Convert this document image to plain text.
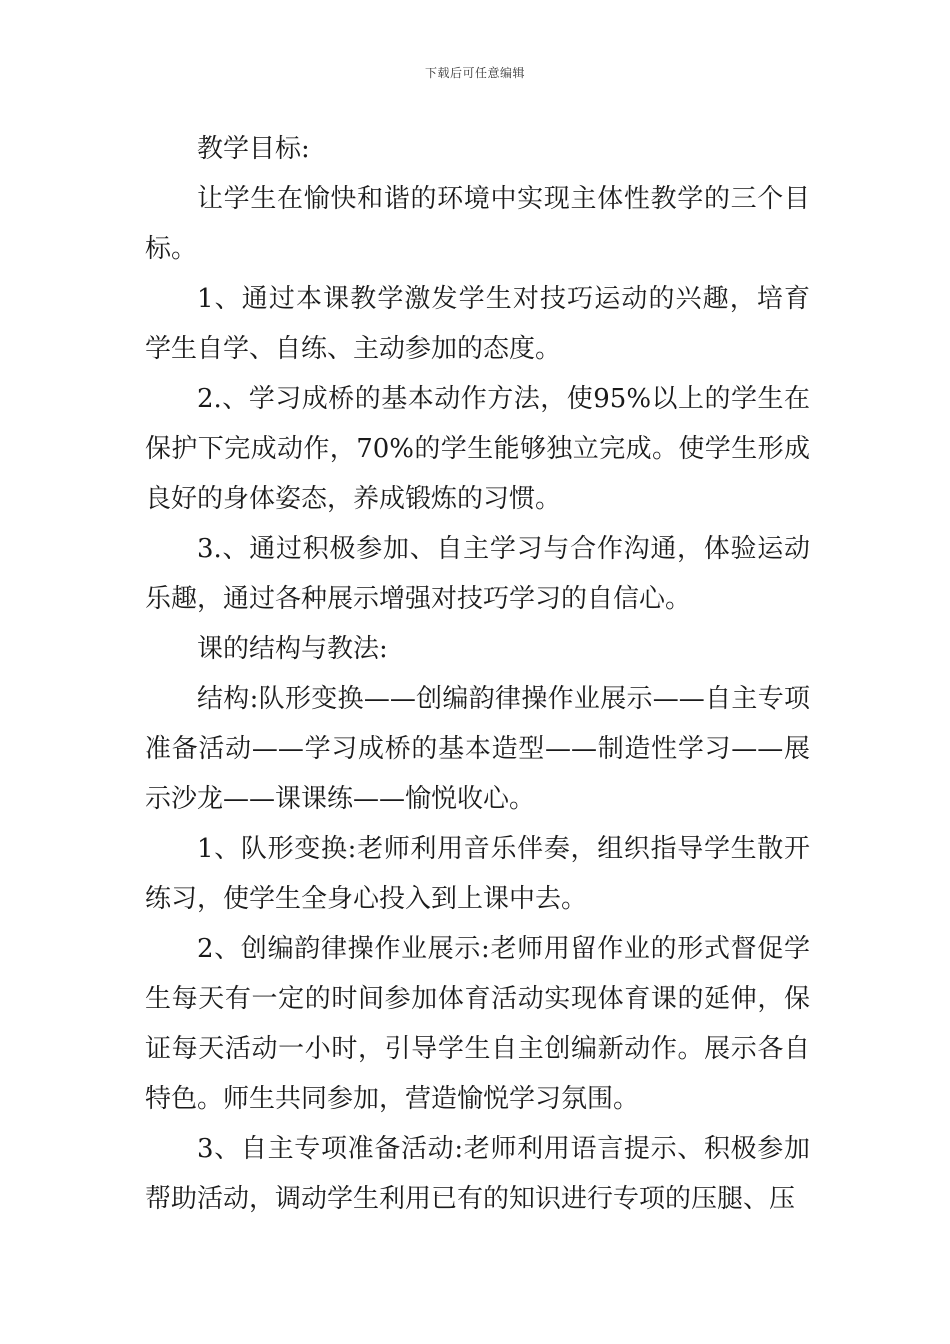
下载后可任意编辑

教学目标:

让学生在愉快和谐的环境中实现主体性教学的三个目标。

1、通过本课教学激发学生对技巧运动的兴趣，培育学生自学、自练、主动参加的态度。

2.、学习成桥的基本动作方法，使95%以上的学生在保护下完成动作，70%的学生能够独立完成。使学生形成良好的身体姿态，养成锻炼的习惯。

3.、通过积极参加、自主学习与合作沟通，体验运动乐趣，通过各种展示增强对技巧学习的自信心。

课的结构与教法:

结构:队形变换——创编韵律操作业展示——自主专项准备活动——学习成桥的基本造型——制造性学习——展示沙龙——课课练——愉悦收心。

1、队形变换:老师利用音乐伴奏，组织指导学生散开练习，使学生全身心投入到上课中去。

2、创编韵律操作业展示:老师用留作业的形式督促学生每天有一定的时间参加体育活动实现体育课的延伸，保证每天活动一小时，引导学生自主创编新动作。展示各自特色。师生共同参加，营造愉悦学习氛围。

3、自主专项准备活动:老师利用语言提示、积极参加帮助活动，调动学生利用已有的知识进行专项的压腿、压
